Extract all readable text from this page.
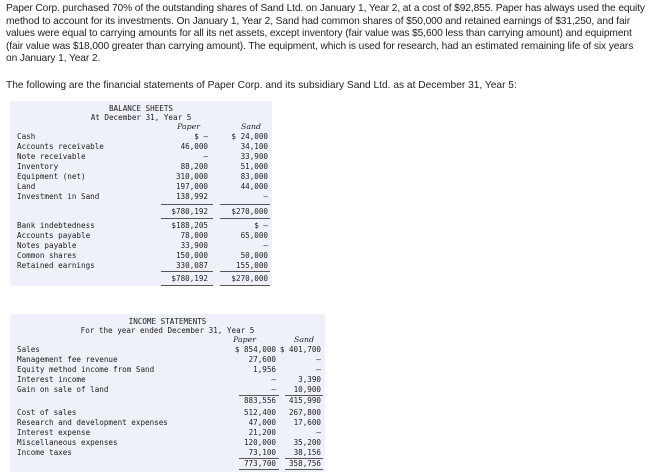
Paper Corp. purchased 70% of the outstanding shares of Sand Ltd. on January 1, Year 2, at a cost of $92,855. Paper has always used the equity method to account for its investments. On January 1, Year 2, Sand had common shares of $50,000 and retained earnings of $31,250, and fair values were equal to carrying amounts for all its net assets, except inventory (fair value was $5,600 less than carrying amount) and equipment (fair value was $18,000 greater than carrying amount). The equipment, which is used for research, had an estimated remaining life of six years on January 1, Year 2.
The following are the financial statements of Paper Corp. and its subsidiary Sand Ltd. as at December 31, Year 5:
BALANCE SHEETS
At December 31, Year 5
Paper	Sand
Cash	$ –	$ 24,000
Accounts receivable	46,000	34,100
Note receivable	–	33,900
Inventory	88,200	51,000
Equipment (net)	310,000	83,000
Land	197,000	44,000
Investment in Sand	138,992	–
$780,192	$270,000
Bank indebtedness	$188,205	$ –
Accounts payable	78,000	65,000
Notes payable	33,900	–
Common shares	150,000	50,000
Retained earnings	330,087	155,000
$780,192	$270,000
INCOME STATEMENTS
For the year ended December 31, Year 5
Paper	Sand
Sales	$ 854,000 $ 401,700
Management fee revenue	27,600	–
Equity method income from Sand	1,956	–
Interest income	–	3,390
Gain on sale of land	– 10,900
883,556 415,990
Cost of sales	512,400 267,800
Research and development expenses	47,000 17,600
Interest expense	21,200	–
Miscellaneous expenses	120,000 35,200
Income taxes	73,100 38,156
773,700 358,756
